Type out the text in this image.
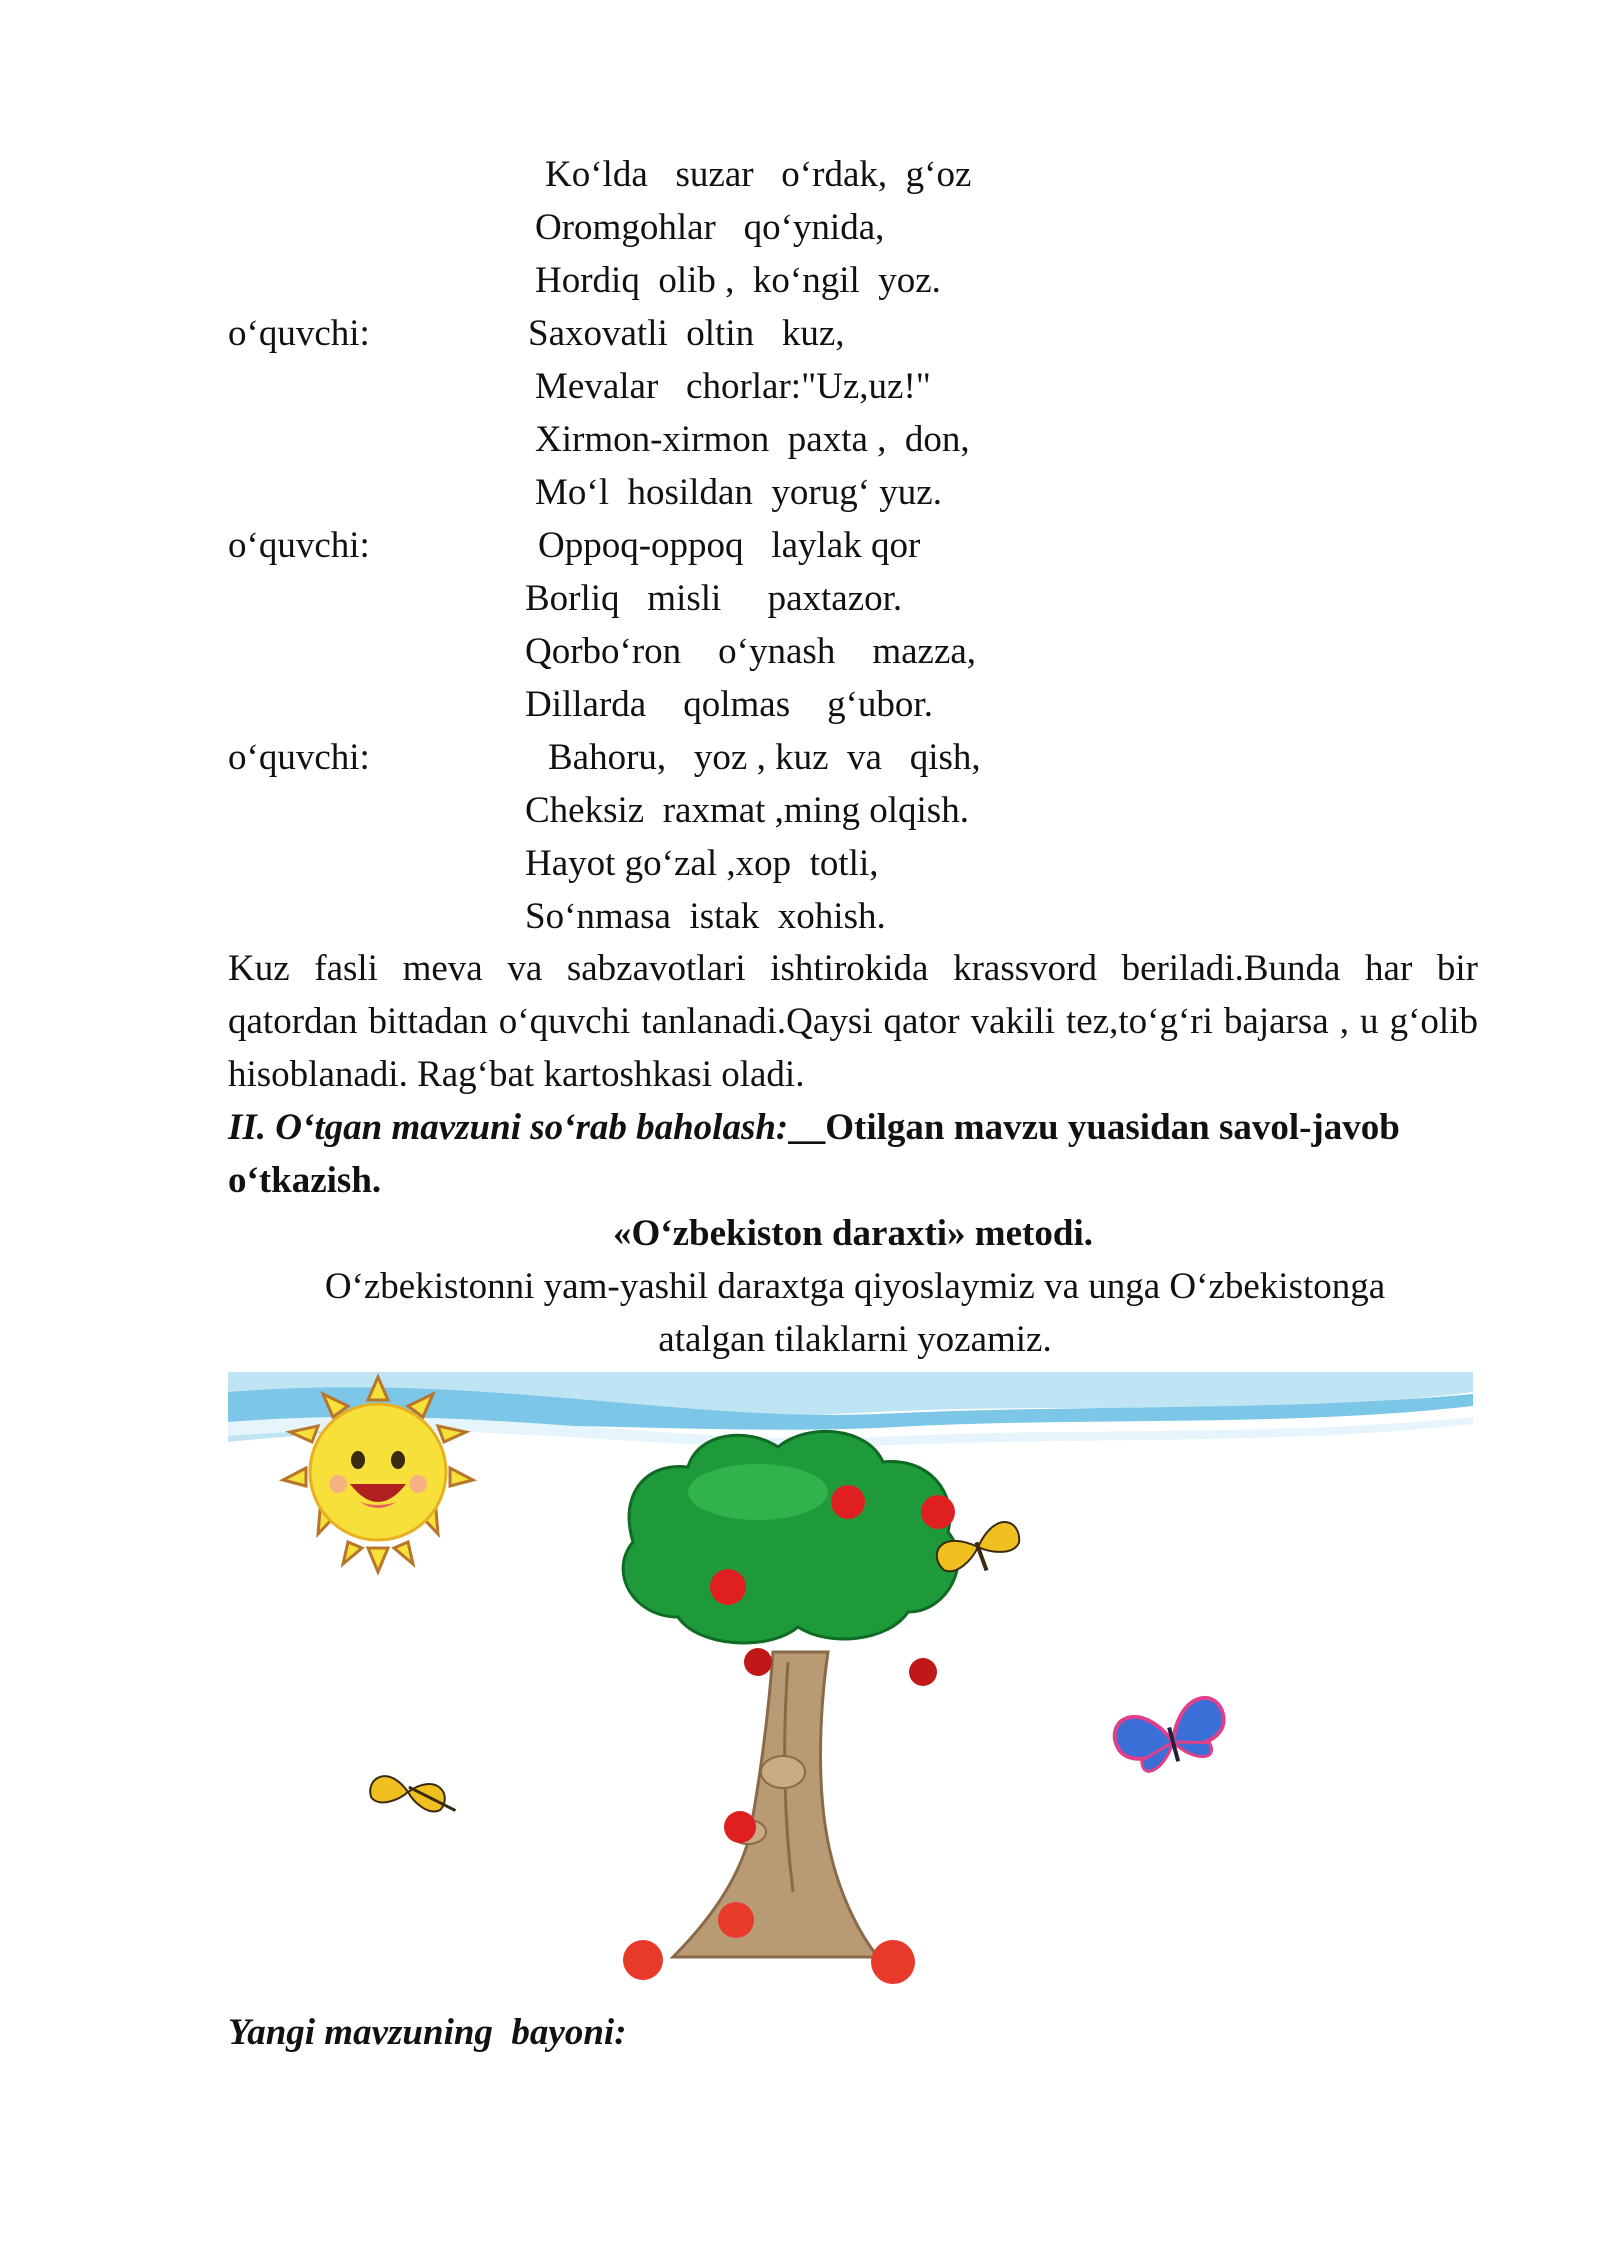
Ko‘lda   suzar   o‘rdak,  g‘oz
Oromgohlar   qo‘ynida,
Hordiq  olib ,  ko‘ngil  yoz.
o‘quvchi:	Saxovatli  oltin   kuz,
Mevalar   chorlar:"Uz,uz!"
Xirmon-xirmon  paxta ,  don,
Mo‘l  hosildan  yorug‘ yuz.
o‘quvchi:	Oppoq-oppoq   laylak qor
Borliq   misli     paxtazor.
Qorbo‘ron    o‘ynash    mazza,
Dillarda    qolmas    g‘ubor.
o‘quvchi:	Bahoru,   yoz , kuz  va   qish,
Cheksiz  raxmat ,ming olqish.
Hayot go‘zal ,xop  totli,
So‘nmasa  istak  xohish.
Kuz fasli meva va sabzavotlari ishtirokida krassvord beriladi.Bunda har bir qatordan bittadan o‘quvchi tanlanadi.Qaysi qator vakili tez,to‘g‘ri bajarsa , u g‘olib hisoblanadi. Rag‘bat kartoshkasi oladi.
II. O‘tgan mavzuni so‘rab baholash:__Otilgan mavzu yuasidan savol-javob o‘tkazish.
«O‘zbekiston daraxti» metodi.
O‘zbekistonni yam-yashil daraxtga qiyoslaymiz va unga O‘zbekistonga atalgan tilaklarni yozamiz.
Yangi mavzuning  bayoni:
